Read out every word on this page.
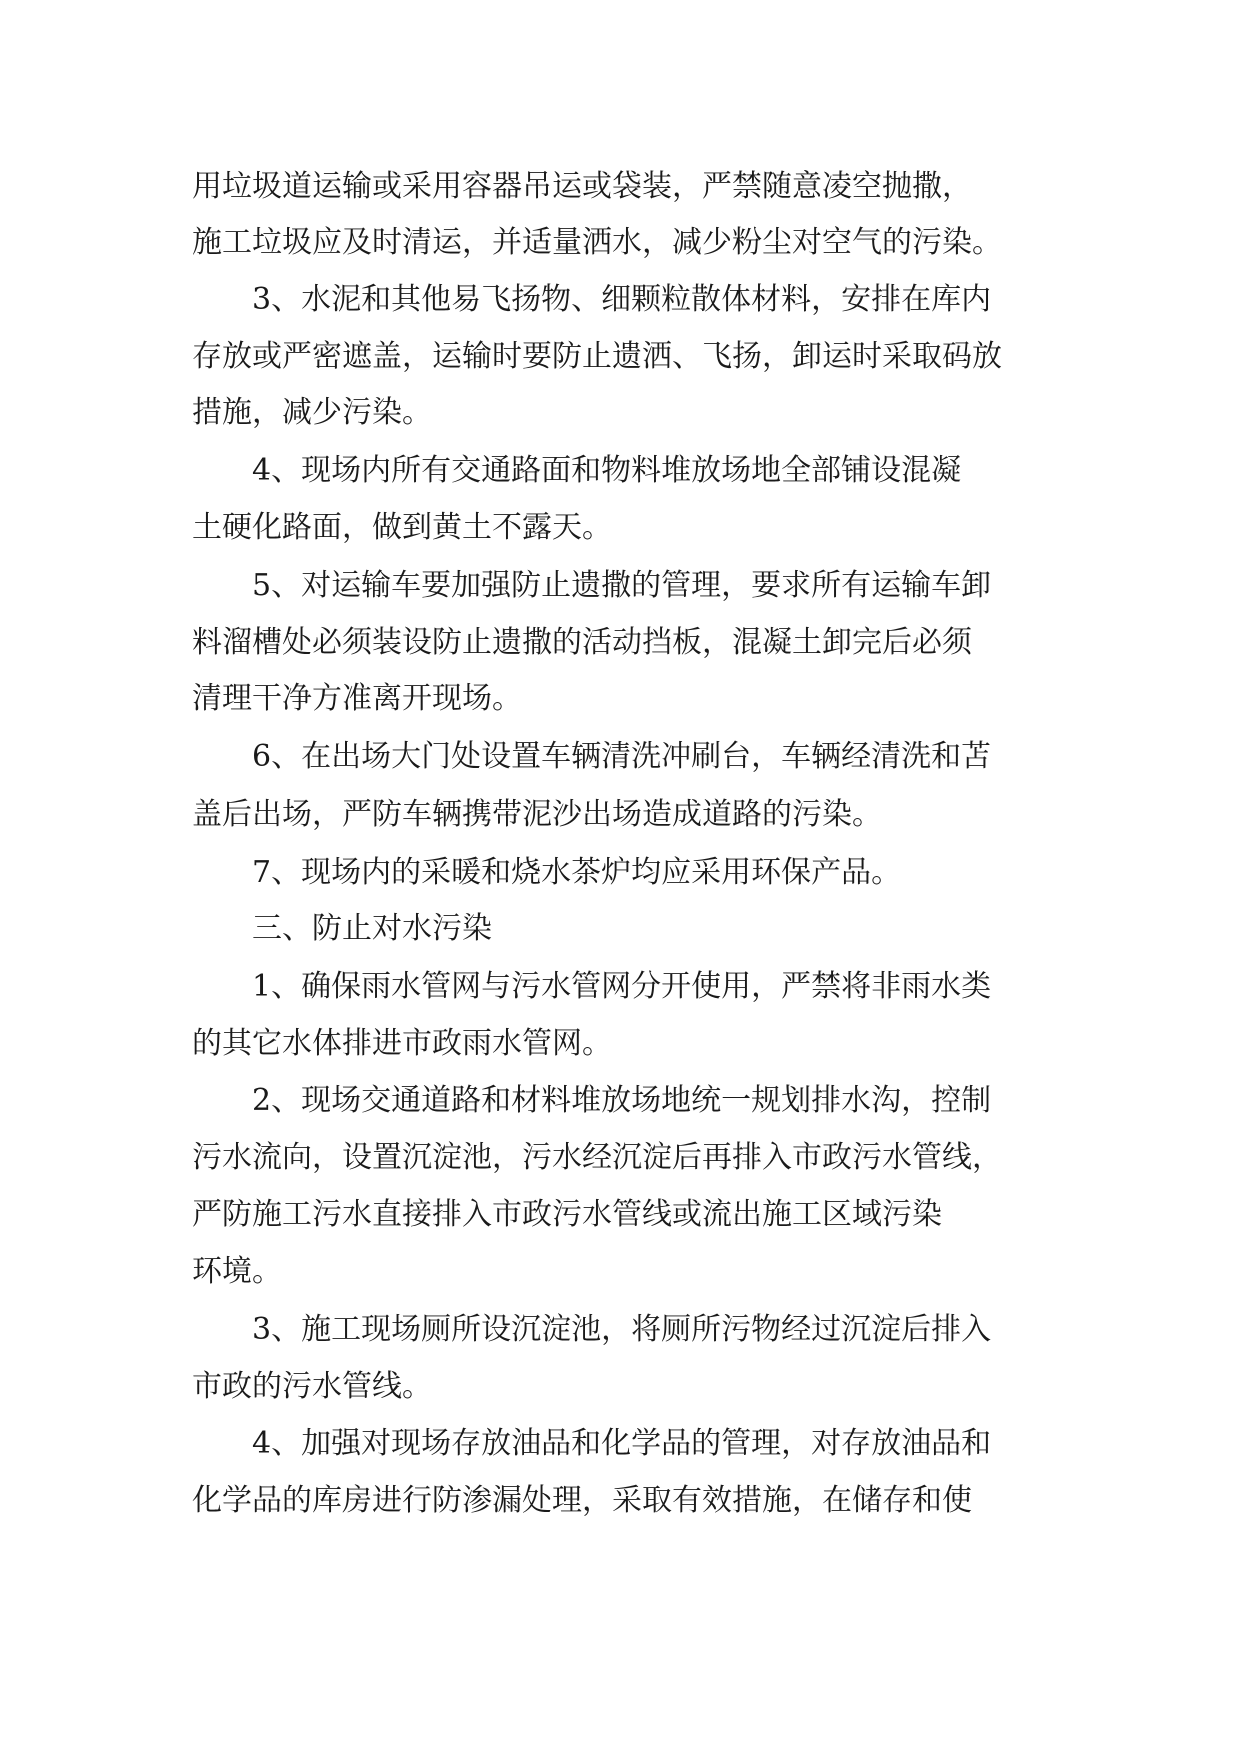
用垃圾道运输或采用容器吊运或袋装，严禁随意凌空抛撒，

施工垃圾应及时清运，并适量洒水，减少粉尘对空气的污染。

3、水泥和其他易飞扬物、细颗粒散体材料，安排在库内

存放或严密遮盖，运输时要防止遗洒、飞扬，卸运时采取码放

措施，减少污染。

4、现场内所有交通路面和物料堆放场地全部铺设混凝

土硬化路面，做到黄土不露天。

5、对运输车要加强防止遗撒的管理，要求所有运输车卸

料溜槽处必须装设防止遗撒的活动挡板，混凝土卸完后必须

清理干净方准离开现场。

6、在出场大门处设置车辆清洗冲刷台，车辆经清洗和苫

盖后出场，严防车辆携带泥沙出场造成道路的污染。

7、现场内的采暖和烧水茶炉均应采用环保产品。

三、防止对水污染

1、确保雨水管网与污水管网分开使用，严禁将非雨水类

的其它水体排进市政雨水管网。

2、现场交通道路和材料堆放场地统一规划排水沟，控制

污水流向，设置沉淀池，污水经沉淀后再排入市政污水管线，

严防施工污水直接排入市政污水管线或流出施工区域污染

环境。

3、施工现场厕所设沉淀池，将厕所污物经过沉淀后排入

市政的污水管线。

4、加强对现场存放油品和化学品的管理，对存放油品和

化学品的库房进行防渗漏处理，采取有效措施，在储存和使
